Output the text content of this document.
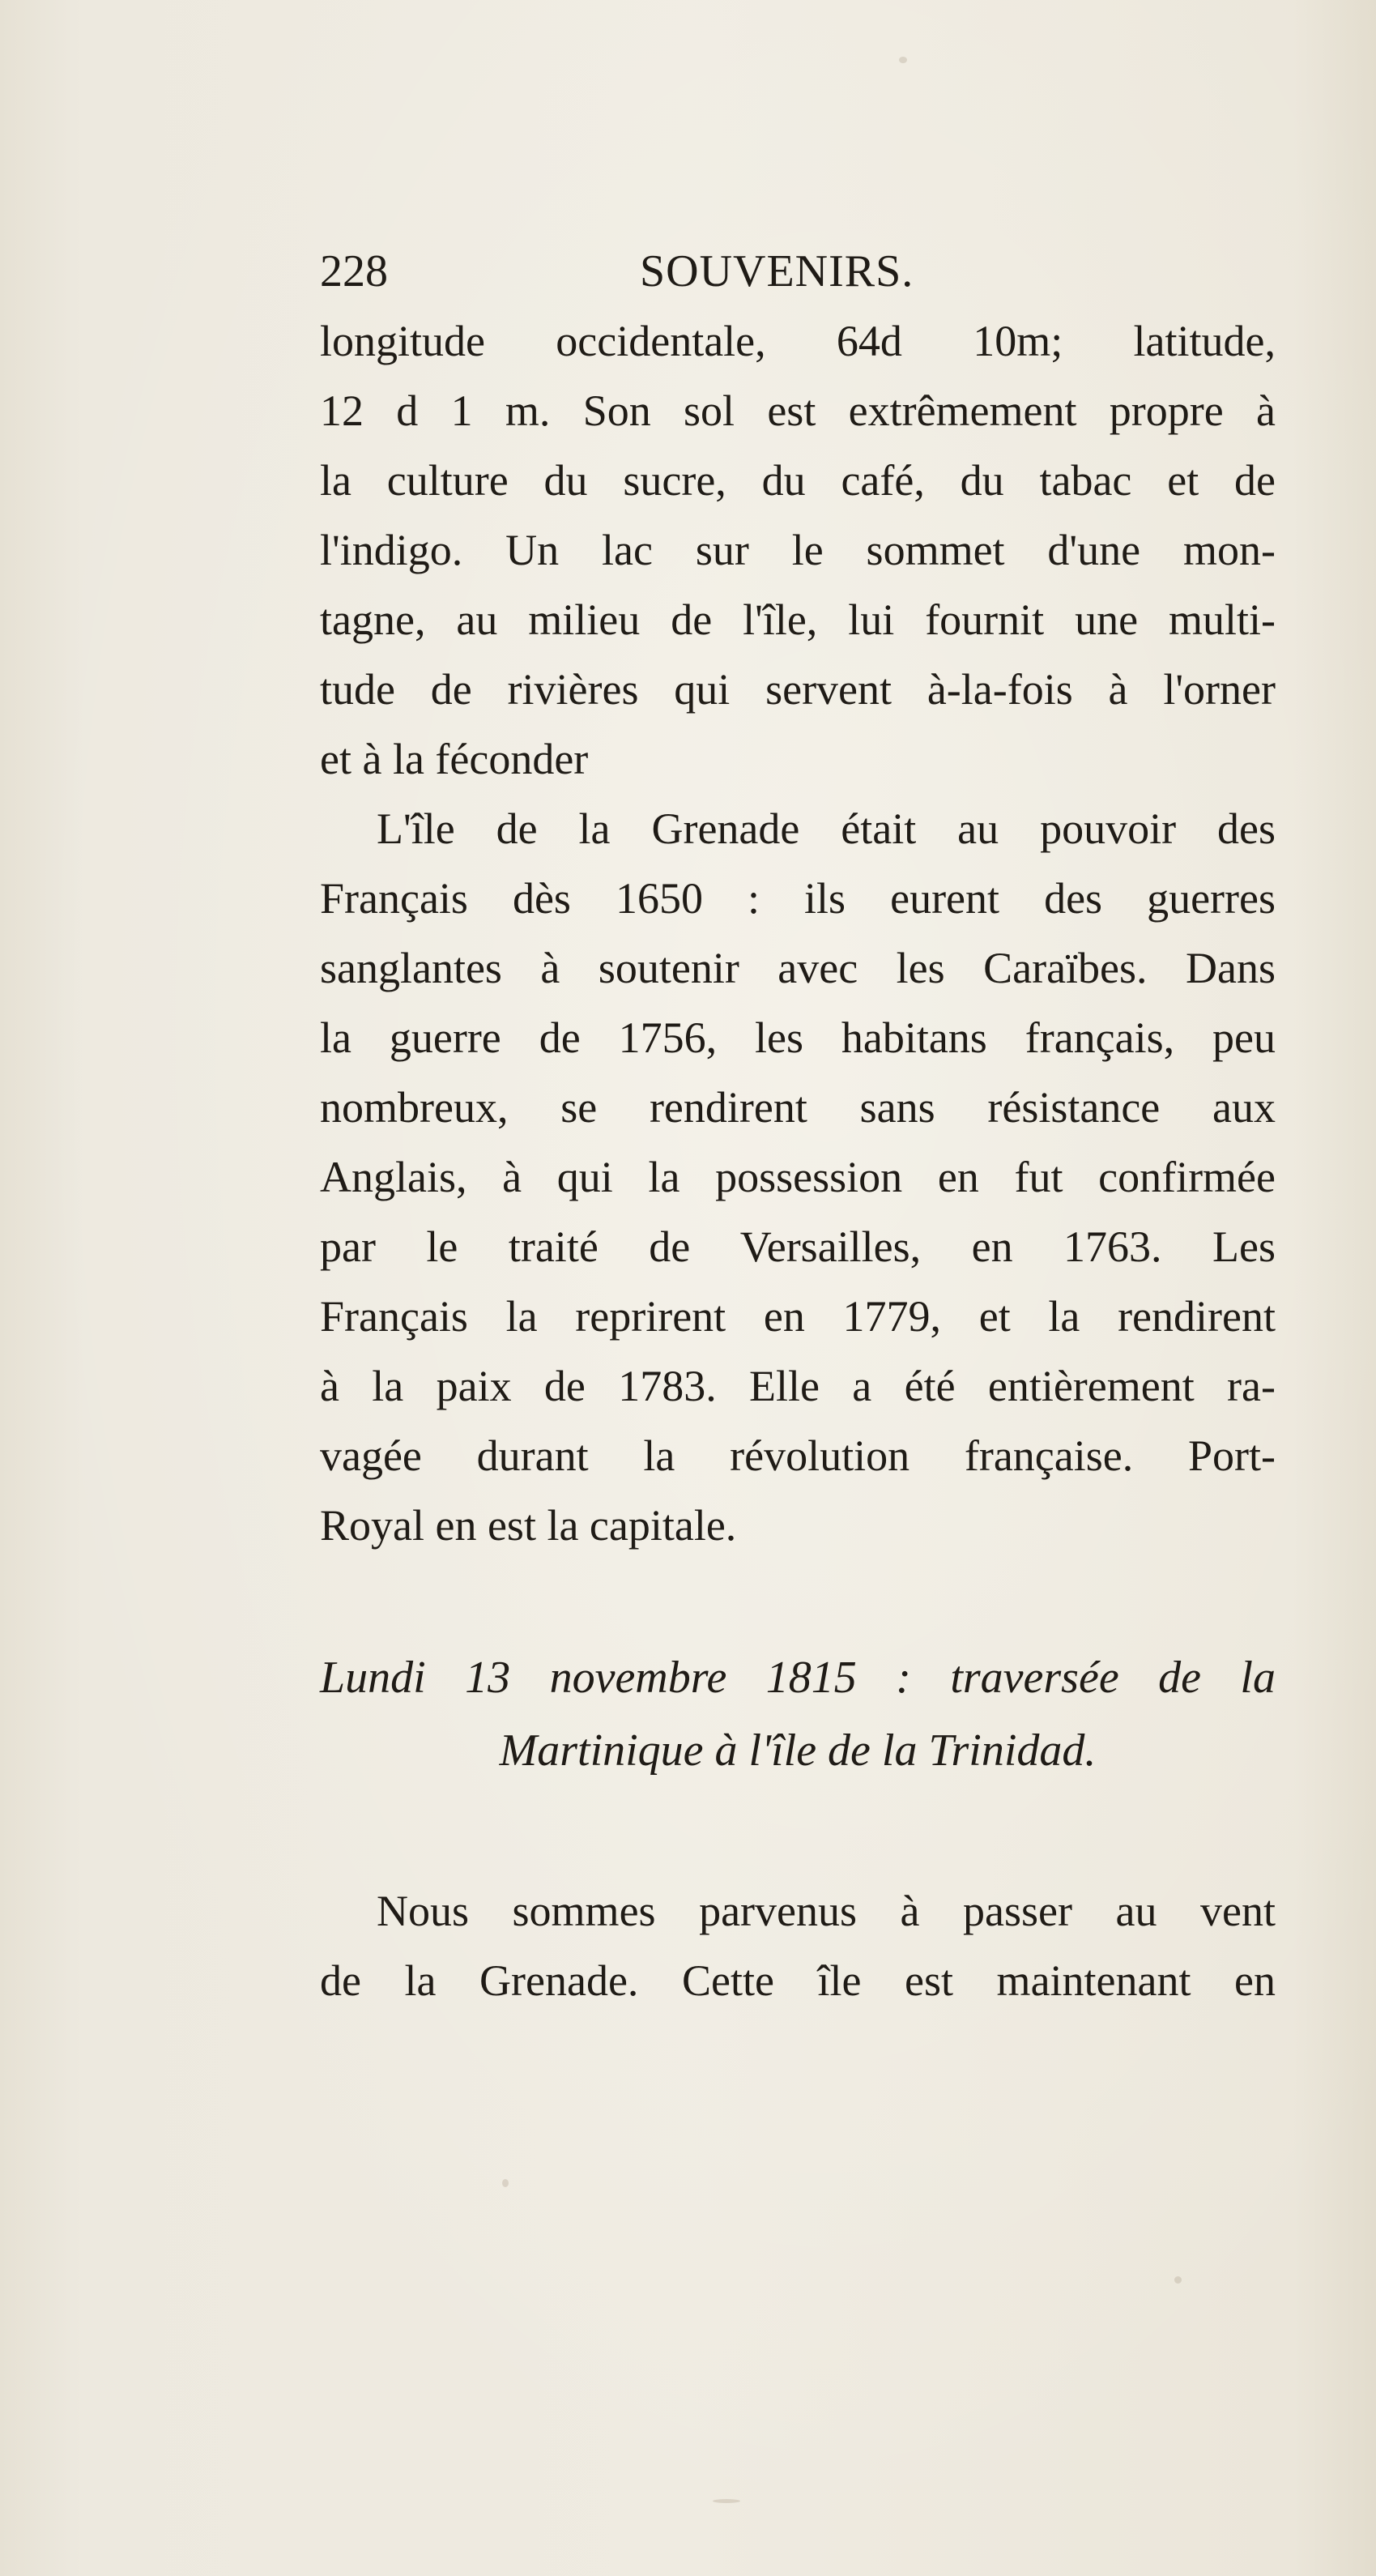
228	SOUVENIRS.
longitude occidentale, 64d 10m; latitude,
12 d 1 m. Son sol est extrêmement propre à
la culture du sucre, du café, du tabac et de
l'indigo. Un lac sur le sommet d'une mon-
tagne, au milieu de l'île, lui fournit une multi-
tude de rivières qui servent à-la-fois à l'orner
et à la féconder
L'île de la Grenade était au pouvoir des
Français dès 1650 : ils eurent des guerres
sanglantes à soutenir avec les Caraïbes. Dans
la guerre de 1756, les habitans français, peu
nombreux, se rendirent sans résistance aux
Anglais, à qui la possession en fut confirmée
par le traité de Versailles, en 1763. Les
Français la reprirent en 1779, et la rendirent
à la paix de 1783. Elle a été entièrement ra-
vagée durant la révolution française. Port-
Royal en est la capitale.
Lundi 13 novembre 1815 : traversée de la
Martinique à l'île de la Trinidad.
Nous sommes parvenus à passer au vent
de la Grenade. Cette île est maintenant en
